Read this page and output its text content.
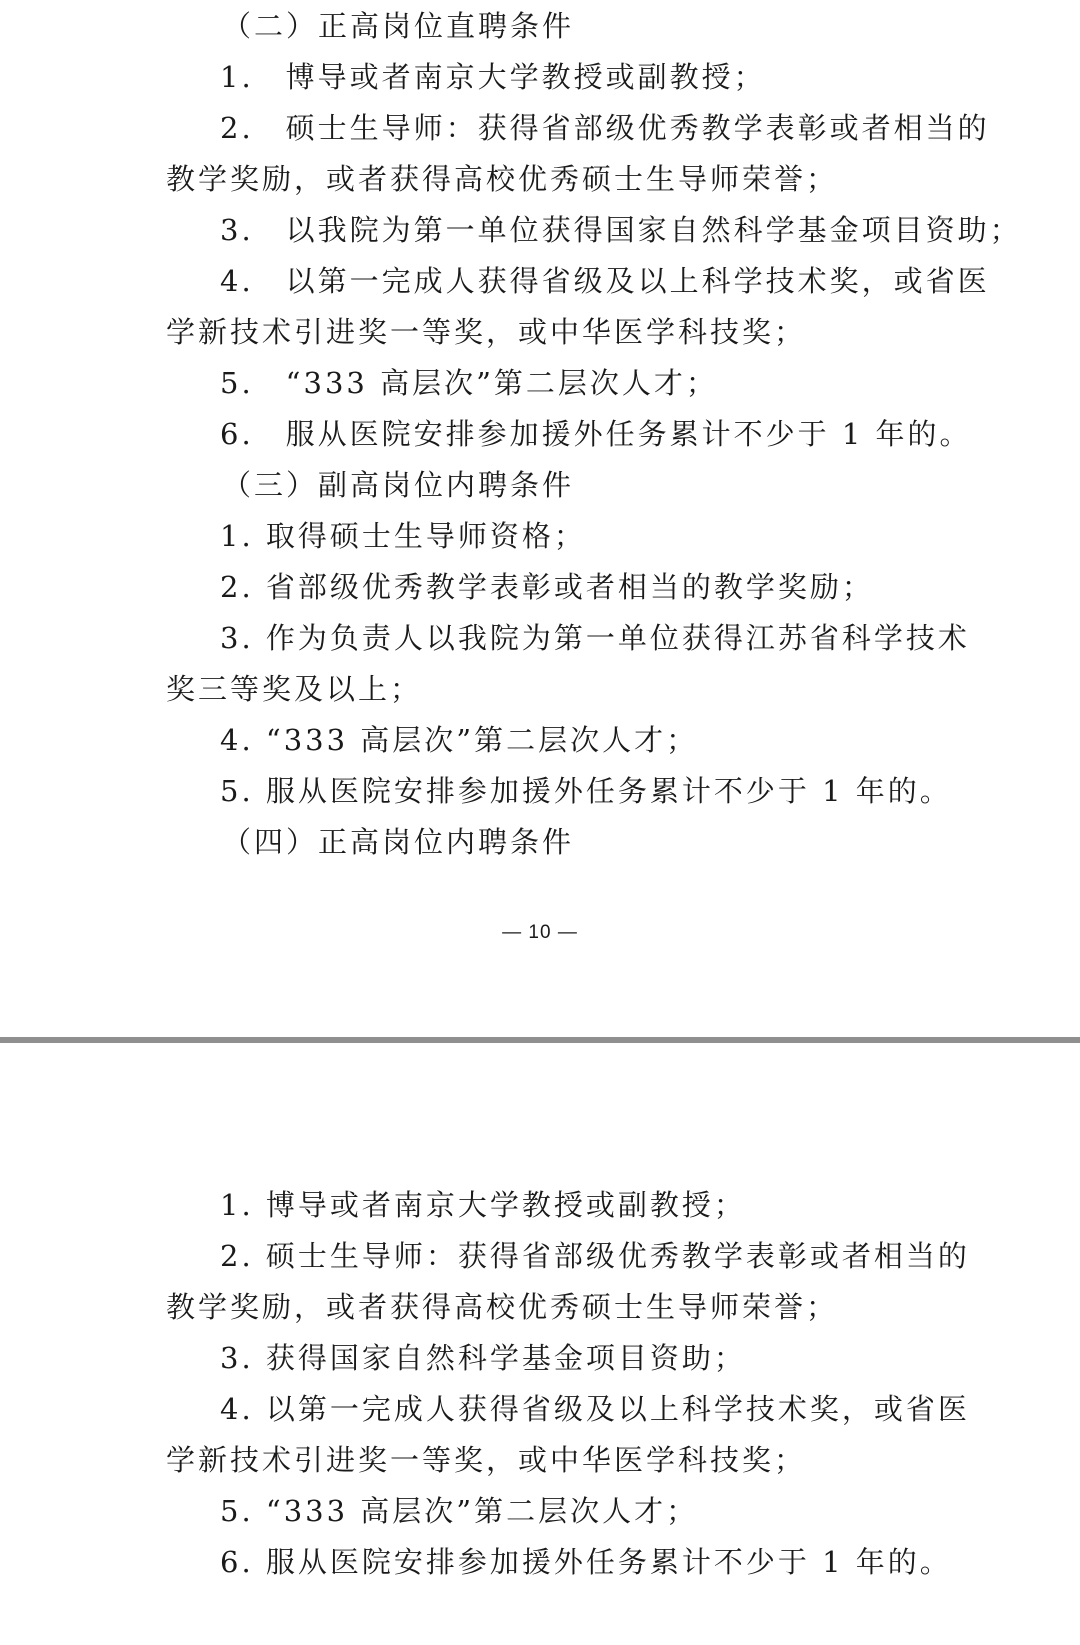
（二）正高岗位直聘条件
1.　博导或者南京大学教授或副教授；
2.　硕士生导师：获得省部级优秀教学表彰或者相当的
教学奖励，或者获得高校优秀硕士生导师荣誉；
3.　以我院为第一单位获得国家自然科学基金项目资助；
4.　以第一完成人获得省级及以上科学技术奖，或省医
学新技术引进奖一等奖，或中华医学科技奖；
5.　“333 高层次”第二层次人才；
6.　服从医院安排参加援外任务累计不少于 1 年的。
（三）副高岗位内聘条件
1. 取得硕士生导师资格；
2. 省部级优秀教学表彰或者相当的教学奖励；
3. 作为负责人以我院为第一单位获得江苏省科学技术
奖三等奖及以上；
4. “333 高层次”第二层次人才；
5. 服从医院安排参加援外任务累计不少于 1 年的。
（四）正高岗位内聘条件
— 10 —
1. 博导或者南京大学教授或副教授；
2. 硕士生导师：获得省部级优秀教学表彰或者相当的
教学奖励，或者获得高校优秀硕士生导师荣誉；
3. 获得国家自然科学基金项目资助；
4. 以第一完成人获得省级及以上科学技术奖，或省医
学新技术引进奖一等奖，或中华医学科技奖；
5. “333 高层次”第二层次人才；
6. 服从医院安排参加援外任务累计不少于 1 年的。
